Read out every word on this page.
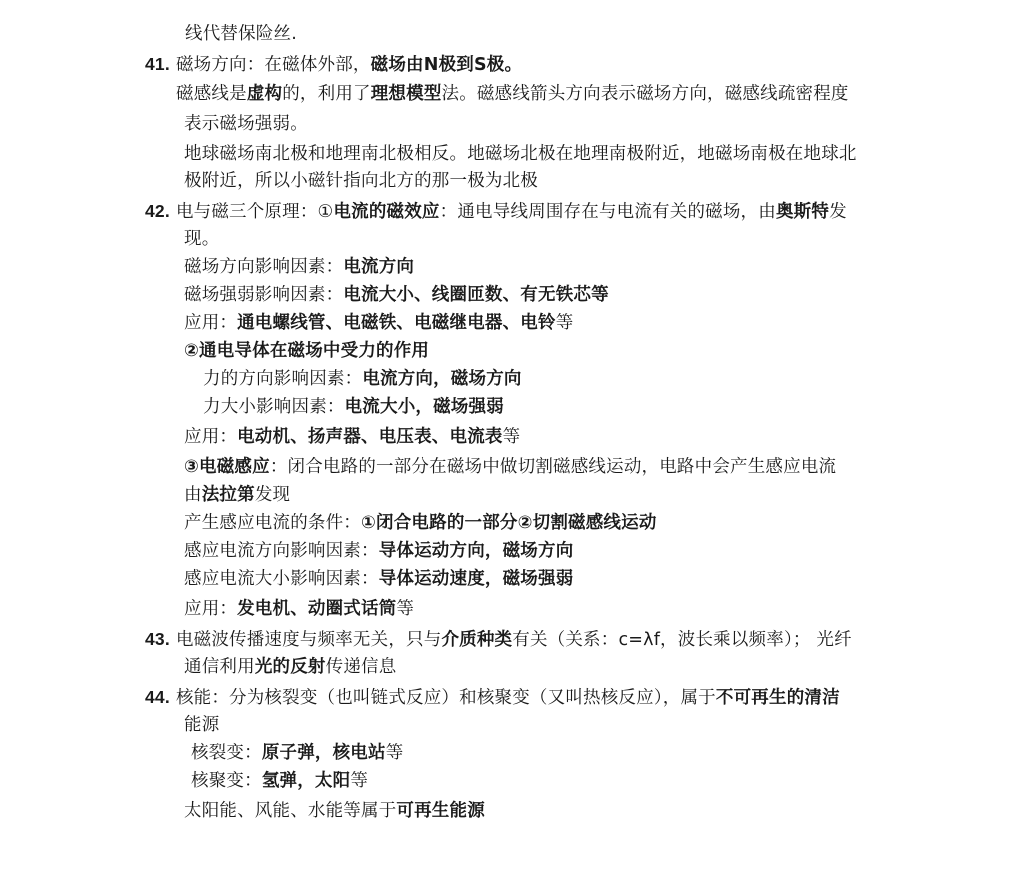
线代替保险丝.
41. 磁场方向：在磁体外部，磁场由N极到S极。
磁感线是虚构的，利用了理想模型法。磁感线箭头方向表示磁场方向，磁感线疏密程度
表示磁场强弱。
地球磁场南北极和地理南北极相反。地磁场北极在地理南极附近，地磁场南极在地球北
极附近，所以小磁针指向北方的那一极为北极
42. 电与磁三个原理：①电流的磁效应：通电导线周围存在与电流有关的磁场，由奥斯特发
现。
磁场方向影响因素：电流方向
磁场强弱影响因素：电流大小、线圈匝数、有无铁芯等
应用：通电螺线管、电磁铁、电磁继电器、电铃等
②通电导体在磁场中受力的作用
力的方向影响因素：电流方向，磁场方向
力大小影响因素：电流大小，磁场强弱
应用：电动机、扬声器、电压表、电流表等
③电磁感应：闭合电路的一部分在磁场中做切割磁感线运动，电路中会产生感应电流
由法拉第发现
产生感应电流的条件：①闭合电路的一部分②切割磁感线运动
感应电流方向影响因素：导体运动方向，磁场方向
感应电流大小影响因素：导体运动速度，磁场强弱
应用：发电机、动圈式话筒等
43. 电磁波传播速度与频率无关，只与介质种类有关（关系：c=λf，波长乘以频率）； 光纤
通信利用光的反射传递信息
44. 核能：分为核裂变（也叫链式反应）和核聚变（又叫热核反应），属于不可再生的清洁
能源
核裂变：原子弹，核电站等
核聚变：氢弹，太阳等
太阳能、风能、水能等属于可再生能源
